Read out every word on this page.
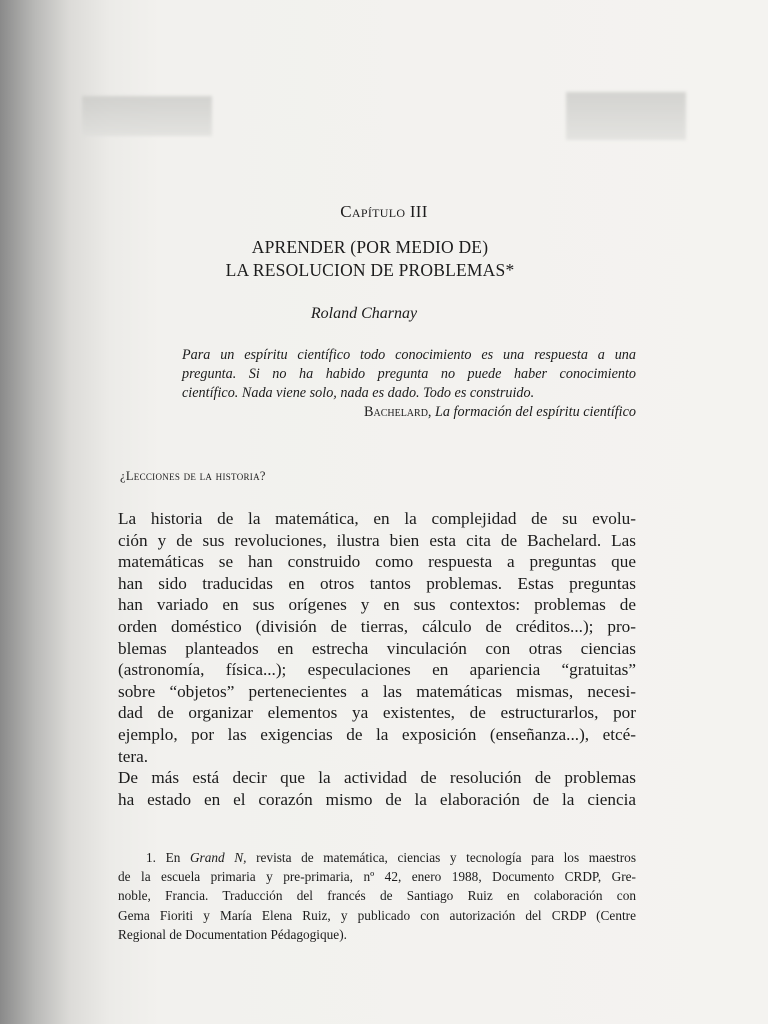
Capítulo III
APRENDER (POR MEDIO DE)
LA RESOLUCION DE PROBLEMAS*
Roland Charnay
Para un espíritu científico todo conocimiento es una respuesta a una
pregunta. Si no ha habido pregunta no puede haber conocimiento
científico. Nada viene solo, nada es dado. Todo es construido.
Bachelard, La formación del espíritu científico
¿Lecciones de la historia?
La historia de la matemática, en la complejidad de su evolu-
ción y de sus revoluciones, ilustra bien esta cita de Bachelard. Las
matemáticas se han construido como respuesta a preguntas que
han sido traducidas en otros tantos problemas. Estas preguntas
han variado en sus orígenes y en sus contextos: problemas de
orden doméstico (división de tierras, cálculo de créditos...); pro-
blemas planteados en estrecha vinculación con otras ciencias
(astronomía, física...); especulaciones en apariencia “gratuitas”
sobre “objetos” pertenecientes a las matemáticas mismas, necesi-
dad de organizar elementos ya existentes, de estructurarlos, por
ejemplo, por las exigencias de la exposición (enseñanza...), etcé-
tera.
De más está decir que la actividad de resolución de problemas
ha estado en el corazón mismo de la elaboración de la ciencia
1. En Grand N, revista de matemática, ciencias y tecnología para los maestros
de la escuela primaria y pre-primaria, nº 42, enero 1988, Documento CRDP, Gre-
noble, Francia. Traducción del francés de Santiago Ruiz en colaboración con
Gema Fioriti y María Elena Ruiz, y publicado con autorización del CRDP (Centre
Regional de Documentation Pédagogique).
